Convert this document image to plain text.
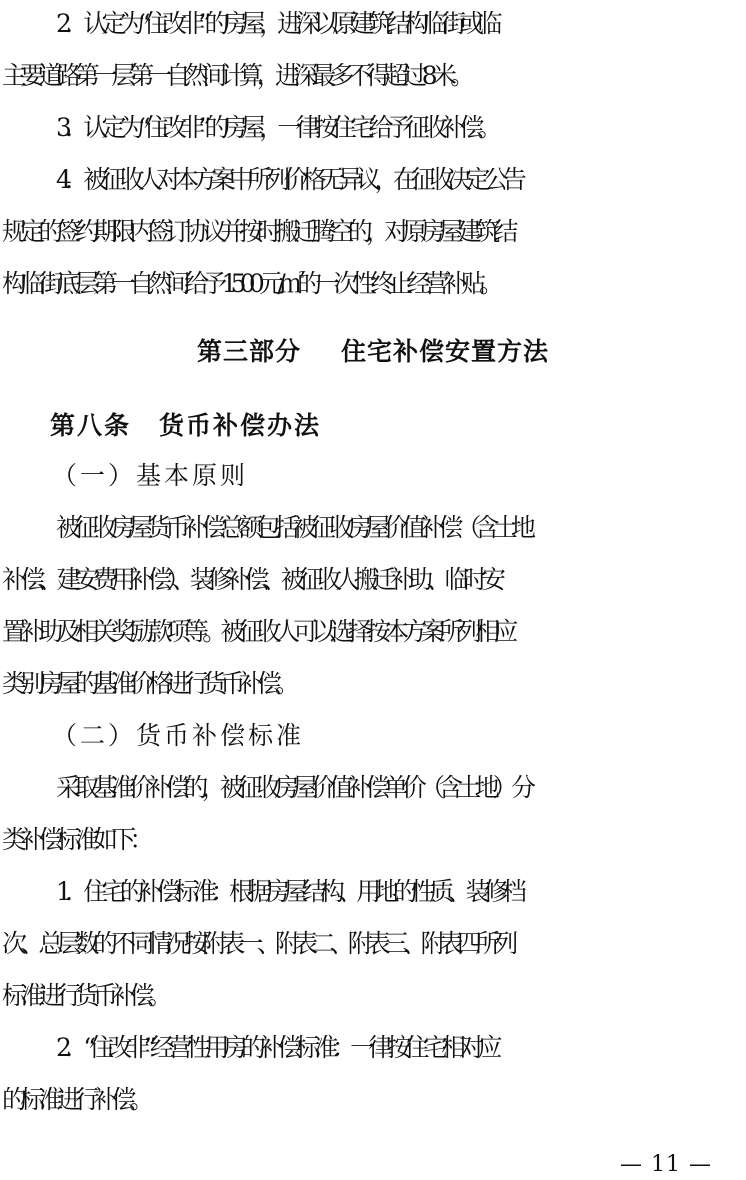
2．认定为“住改非”的房屋，进深以原建筑结构临街或临
主要道路第一层第一自然间计算，进深最多不得超过 8 米。
3．认定为“住改非”的房屋，一律按住宅给予征收补偿。
4．被征收人对本方案中所列价格无异议，在征收决定公告
规定的签约期限内签订协议并按时搬迁腾空的，对原房屋建筑结
构临街底层第一自然间给予 1500 元/㎡的一次性终止经营补贴。
第三部分 住宅补偿安置方法
第八条 货币补偿办法
（一）基本原则
被征收房屋货币补偿总额包括被征收房屋价值补偿（含土地
补偿、建安费用补偿）、装修补偿、被征收人搬迁补助、临时安
置补助及相关奖励款项等。被征收人可以选择按本方案所列相应
类别房屋的基准价格进行货币补偿。
（二）货币补偿标准
采取基准价补偿的，被征收房屋价值补偿单价（含土地）分
类补偿标准如下：
1．住宅的补偿标准：根据房屋结构、用地的性质、装修档
次、总层数的不同情况按附表一、附表二、附表三、附表四所列
标准进行货币补偿。
2．“住改非”经营性用房的补偿标准：一律按住宅相对应
的标准进行补偿。
— 11 —
